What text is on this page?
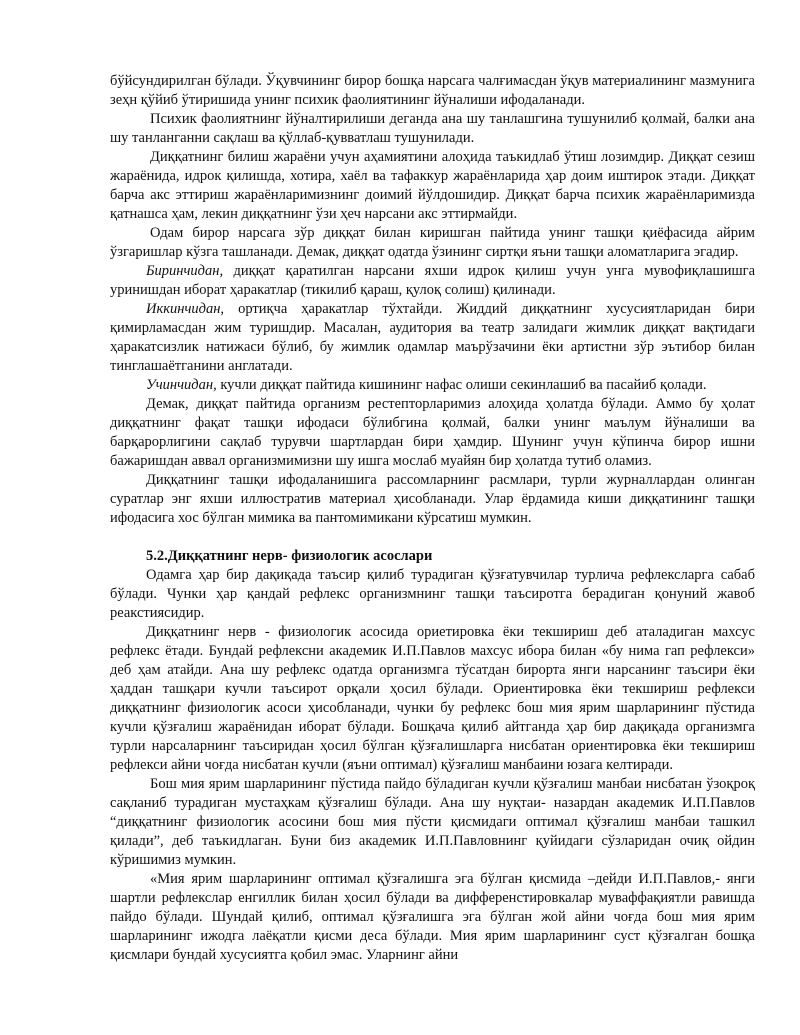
бўйсундирилган бўлади. Ўқувчининг бирор бошқа нарсага чалғимасдан ўқув материалининг мазмунига зеҳн қўйиб ўтиришида унинг психик фаолиятининг йўналиши ифодаланади.

Психик фаолиятнинг йўналтирилиши деганда ана шу танлашгина тушунилиб қолмай, балки ана шу танланганни сақлаш ва қўллаб-қувватлаш тушунилади.

Диққатнинг билиш жараёни учун аҳамиятини алоҳида таъкидлаб ўтиш лозимдир. Диққат сезиш жараёнида, идрок қилишда, хотира, хаёл ва тафаккур жараёнларида ҳар доим иштирок этади. Диққат барча акс эттириш жараёнларимизнинг доимий йўлдошидир. Диққат барча психик жараёнларимизда қатнашса ҳам, лекин диққатнинг ўзи ҳеч нарсани акс эттирмайди.

Одам бирор нарсага зўр диққат билан киришган пайтида унинг ташқи қиёфасида айрим ўзгаришлар кўзга ташланади. Демак, диққат одатда ўзининг сиртқи яъни ташқи аломатларига эгадир.

Биринчидан, диққат қаратилган нарсани яхши идрок қилиш учун унга мувофиқлашишга уринишдан иборат ҳаракатлар (тикилиб қараш, қулоқ солиш) қилинади.

Иккинчидан, ортиқча ҳаракатлар тўхтайди. Жиддий диққатнинг хусусиятларидан бири қимирламасдан жим туришдир. Масалан, аудитория ва театр залидаги жимлик диққат вақтидаги ҳаракатсизлик натижаси бўлиб, бу жимлик одамлар маърўзачини ёки артистни зўр эътибор билан тинглашаётганини англатади.

Учинчидан, кучли диққат пайтида кишининг нафас олиши секинлашиб ва пасайиб қолади.

Демак, диққат пайтида организм рестепторларимиз алоҳида ҳолатда бўлади. Аммо бу ҳолат диққатнинг фақат ташқи ифодаси бўлибгина қолмай, балки унинг маълум йўналиши ва барқарорлигини сақлаб турувчи шартлардан бири ҳамдир. Шунинг учун кўпинча бирор ишни бажаришдан аввал организмимизни шу ишга мослаб муайян бир ҳолатда тутиб оламиз.

Диққатнинг ташқи ифодаланишига рассомларнинг расмлари, турли журналлардан олинган суратлар энг яхши иллюстратив материал ҳисобланади. Улар ёрдамида киши диққатининг ташқи ифодасига хос бўлган мимика ва пантомимикани кўрсатиш мумкин.

5.2.Диққатнинг нерв- физиологик асослари

Одамга ҳар бир дақиқада таъсир қилиб турадиган қўзғатувчилар турлича рефлексларга сабаб бўлади. Чунки ҳар қандай рефлекс организмнинг ташқи таъсиротга берадиган қонуний жавоб реакстиясидир.

Диққатнинг нерв - физиологик асосида ориетировка ёки текшириш деб аталадиган махсус рефлекс ётади. Бундай рефлексни академик И.П.Павлов махсус ибора билан «бу нима гап рефлекси» деб ҳам атайди. Ана шу рефлекс одатда организмга тўсатдан бирортa янги нарсанинг таъсири ёки ҳаддан ташқари кучли таъсирот орқали ҳосил бўлади. Ориентировка ёки текшириш рефлекси диққатнинг физиологик асоси ҳисобланади, чунки бу рефлекс бош мия ярим шарларининг пўстида кучли қўзғалиш жараёнидан иборат бўлади. Бошқача қилиб айтганда ҳар бир дақиқада организмга турли нарсаларнинг таъсиридан ҳосил бўлган қўзғалишларга нисбатан ориентировка ёки текшириш рефлекси айни чоғда нисбатан кучли (яъни оптимал) қўзғалиш манбаини юзага келтиради.

Бош мия ярим шарларининг пўстида пайдо бўладиган кучли қўзғалиш манбаи нисбатан ўзоқроқ сақланиб турадиган мустаҳкам қўзғалиш бўлади. Ана шу нуқтаи- назардан академик И.П.Павлов “диққатнинг физиологик асосини бош мия пўсти қисмидаги оптимал қўзғалиш манбаи ташкил қилади”, деб таъкидлаган. Буни биз академик И.П.Павловнинг қуйидаги сўзларидан очиқ ойдин кўришимиз мумкин.

«Мия ярим шарларининг оптимал қўзғалишга эга бўлган қисмида –дейди И.П.Павлов,- янги шартли рефлекслар енгиллик билан ҳосил бўлади ва дифференстировкалар муваффақиятли равишда пайдо бўлади. Шундай қилиб, оптимал қўзғалишга эга бўлган жой айни чоғда бош мия ярим шарларининг ижодга лаёқатли қисми деса бўлади. Мия ярим шарларининг суст қўзғалган бошқа қисмлари бундай хусусиятга қобил эмас. Уларнинг айни
